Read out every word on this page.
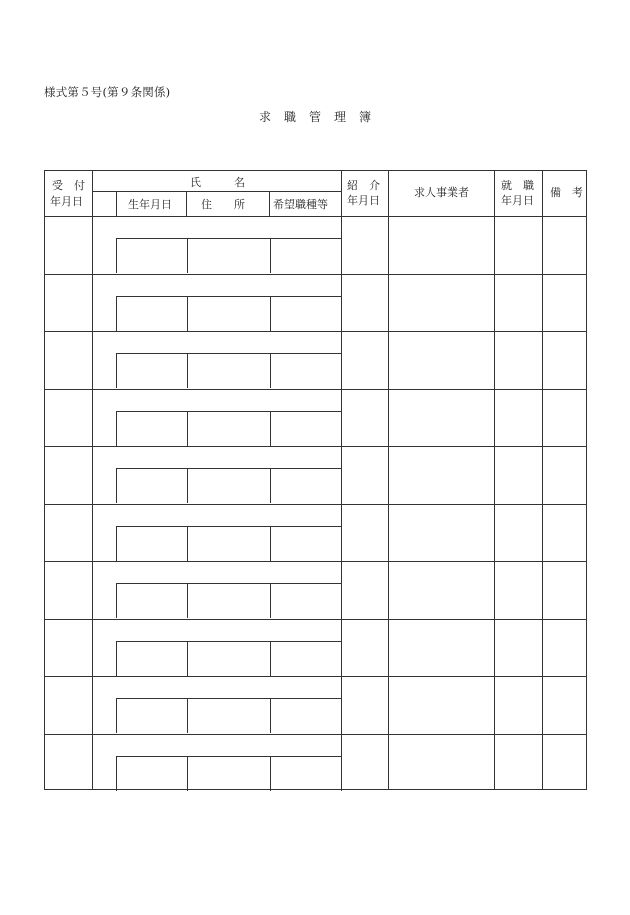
様式第５号(第９条関係)
求職管理簿
受　付
年月日
氏　　　名
生年月日	住　　所	希望職種等
紹　介
年月日
求人事業者
就　職
年月日
備　考
